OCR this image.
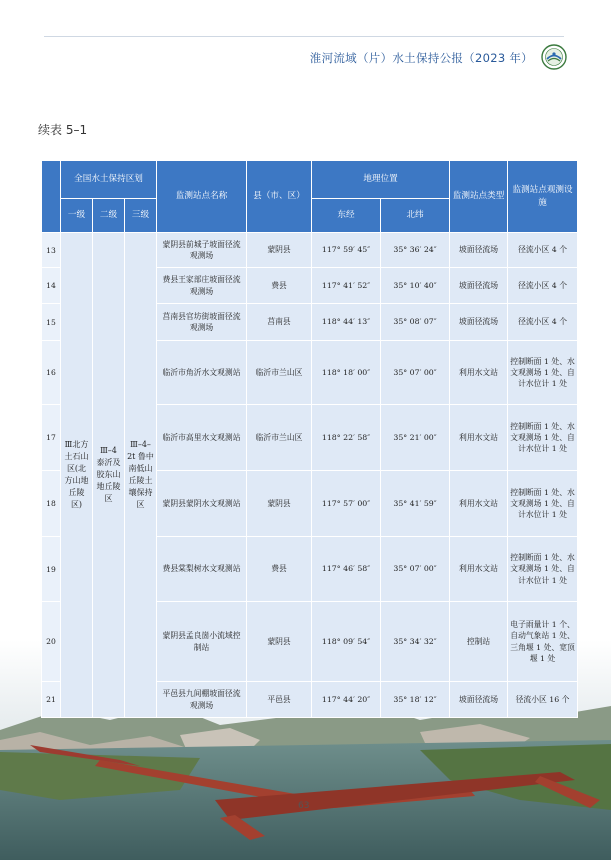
淮河流域（片）水土保持公报（2023 年）
续表 5–1
	全国水土保持区划			监测站点名称	县（市、区）	地理位置		监测站点类型	监测站点观测设施
	一级	二级	三级			东经	北纬		
13	Ⅲ北方土石山区(北方山地丘陵区)	Ⅲ–4 泰沂及胶东山地丘陵区	Ⅲ–4–2t 鲁中南低山丘陵土壤保持区	蒙阴县前城子坡面径流观测场	蒙阴县	117° 59′ 45″	35° 36′ 24″	坡面径流场	径流小区 4 个
14				费县王家部庄坡面径流观测场	费县	117° 41′ 52″	35° 10′ 40″	坡面径流场	径流小区 4 个
15				莒南县官坊街坡面径流观测场	莒南县	118° 44′ 13″	35° 08′ 07″	坡面径流场	径流小区 4 个
16				临沂市角沂水文观测站	临沂市兰山区	118° 18′ 00″	35° 07′ 00″	利用水文站	控制断面 1 处、水文观测场 1 处、自计水位计 1 处
17				临沂市高里水文观测站	临沂市兰山区	118° 22′ 58″	35° 21′ 00″	利用水文站	控制断面 1 处、水文观测场 1 处、自计水位计 1 处
18				蒙阴县蒙阴水文观测站	蒙阴县	117° 57′ 00″	35° 41′ 59″	利用水文站	控制断面 1 处、水文观测场 1 处、自计水位计 1 处
19				费县棠梨树水文观测站	费县	117° 46′ 58″	35° 07′ 00″	利用水文站	控制断面 1 处、水文观测场 1 处、自计水位计 1 处
20				蒙阴县孟良崮小流域控制站	蒙阴县	118° 09′ 54″	35° 34′ 32″	控制站	电子雨量计 1 个、自动气象站 1 处、三角堰 1 处、宽顶堰 1 处
21				平邑县九间棚坡面径流观测场	平邑县	117° 44′ 20″	35° 18′ 12″	坡面径流场	径流小区 16 个
63
